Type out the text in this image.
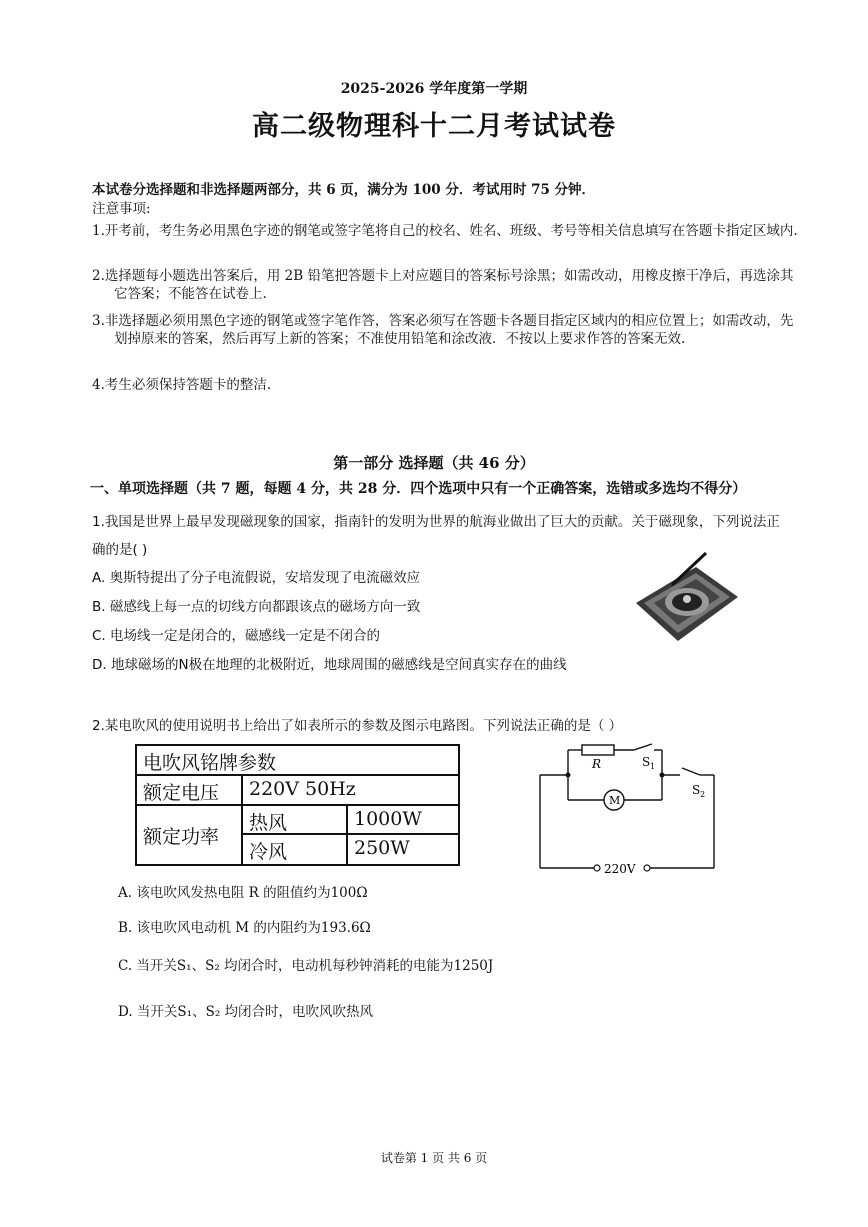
2025-2026 学年度第一学期
高二级物理科十二月考试试卷
本试卷分选择题和非选择题两部分，共 6 页，满分为 100 分．考试用时 75 分钟．
注意事项:
1.开考前，考生务必用黑色字迹的钢笔或签字笔将自己的校名、姓名、班级、考号等相关信息填写在答题卡指定区域内.
2.选择题每小题选出答案后，用 2B 铅笔把答题卡上对应题目的答案标号涂黑；如需改动，用橡皮擦干净后，再选涂其它答案；不能答在试卷上.
3.非选择题必须用黑色字迹的钢笔或签字笔作答，答案必须写在答题卡各题目指定区域内的相应位置上；如需改动，先划掉原来的答案，然后再写上新的答案；不准使用铅笔和涂改液．不按以上要求作答的答案无效.
4.考生必须保持答题卡的整洁.
第一部分 选择题（共 46 分）
一、单项选择题（共 7 题，每题 4 分，共 28 分．四个选项中只有一个正确答案，选错或多选均不得分）
1.我国是世界上最早发现磁现象的国家，指南针的发明为世界的航海业做出了巨大的贡献。关于磁现象，下列说法正确的是( )
A. 奥斯特提出了分子电流假说，安培发现了电流磁效应
B. 磁感线上每一点的切线方向都跟该点的磁场方向一致
C. 电场线一定是闭合的，磁感线一定是不闭合的
D. 地球磁场的N极在地理的北极附近，地球周围的磁感线是空间真实存在的曲线
2.某电吹风的使用说明书上给出了如表所示的参数及图示电路图。下列说法正确的是（ ）
电吹风铭牌参数
额定电压	220V 50Hz
额定功率
热风	1000W
冷风	250W
R	S 1
S 2
M
220V
A. 该电吹风发热电阻 R 的阻值约为100Ω
B. 该电吹风电动机 M 的内阻约为193.6Ω
C. 当开关S₁、S₂ 均闭合时，电动机每秒钟消耗的电能为1250J
D. 当开关S₁、S₂ 均闭合时，电吹风吹热风
试卷第 1 页 共 6 页
